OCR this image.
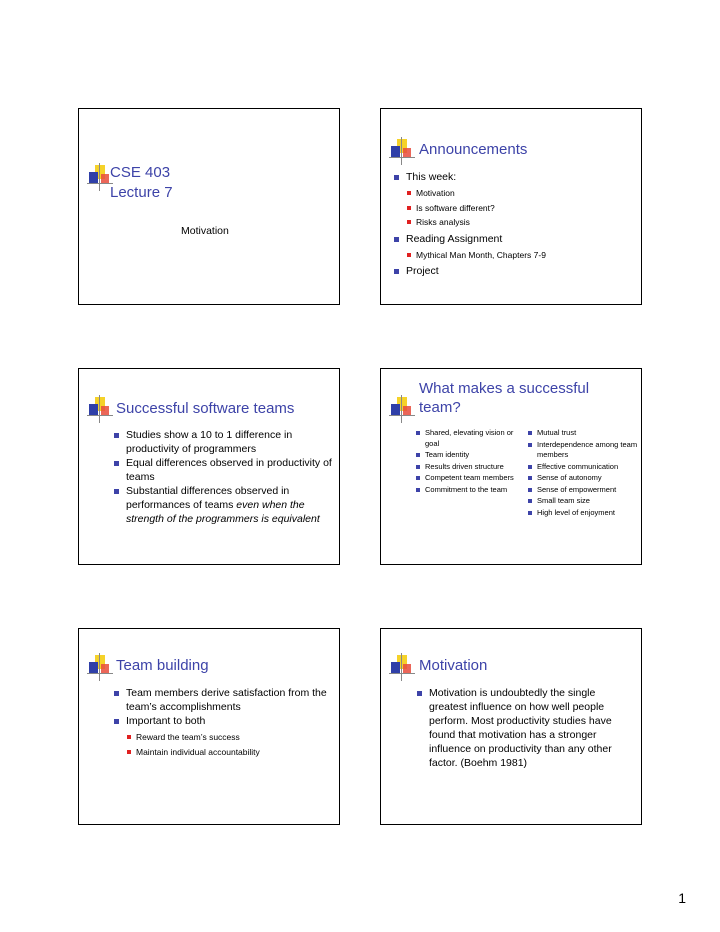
CSE 403
Lecture 7
Motivation
Announcements
This week:
Motivation
Is software different?
Risks analysis
Reading Assignment
Mythical Man Month, Chapters 7-9
Project
Successful software teams
Studies show a 10 to 1 difference in productivity of programmers
Equal differences observed in productivity of teams
Substantial differences observed in performances of teams even when the strength of the programmers is equivalent
What makes a successful
team?
Shared, elevating vision or goal
Team identity
Results driven structure
Competent team members
Commitment to the team
Mutual trust
Interdependence among team members
Effective communication
Sense of autonomy
Sense of empowerment
Small team size
High level of enjoyment
Team building
Team members derive satisfaction from the team’s accomplishments
Important to both
Reward the team’s success
Maintain individual accountability
Motivation
Motivation is undoubtedly the single greatest influence on how well people perform. Most productivity studies have found that motivation has a stronger influence on productivity than any other factor. (Boehm 1981)
1
